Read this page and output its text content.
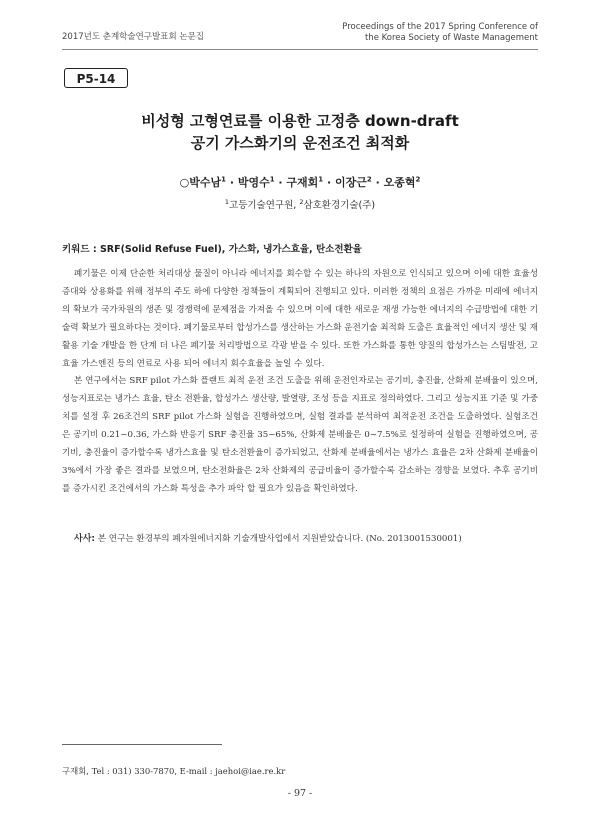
2017년도 춘계학술연구발표회 논문집
Proceedings of the 2017 Spring Conference of
the Korea Society of Waste Management
P5-14
비성형 고형연료를 이용한 고정층 down-draft
공기 가스화기의 운전조건 최적화
○박수남$^1$ · 박영수$^1$ · 구재회$^1$ · 이장근$^2$ · 오종혁$^2$
$^1$고등기술연구원, $^2$삼호환경기술(주)
키워드 : SRF(Solid Refuse Fuel), 가스화, 냉가스효율, 탄소전환율

폐기물은 이제 단순한 처리대상 물질이 아니라 에너지를 회수할 수 있는 하나의 자원으로 인식되고 있으며 이에 대한 효율성 증대와 상용화를 위해 정부의 주도 하에 다양한 정책들이 계획되어 진행되고 있다. 이러한 정책의 요점은 가까운 미래에 에너지의 확보가 국가차원의 생존 및 경쟁력에 문제점을 가져올 수 있으며 이에 대한 새로운 재생 가능한 에너지의 수급방법에 대한 기술력 확보가 필요하다는 것이다. 폐기물로부터 합성가스를 생산하는 가스화 운전기술 최적화 도출은 효율적인 에너지 생산 및 재활용 기술 개발을 한 단계 더 나은 폐기물 처리방법으로 각광 받을 수 있다. 또한 가스화를 통한 양질의 합성가스는 스팀발전, 고효율 가스엔진 등의 연료로 사용 되어 에너지 회수효율을 높일 수 있다.

본 연구에서는 SRF pilot 가스화 플랜트 최적 운전 조건 도출을 위해 운전인자로는 공기비, 충진율, 산화제 분배율이 있으며, 성능지표로는 냉가스 효율, 탄소 전환율, 합성가스 생산량, 발열량, 조성 등을 지표로 정의하였다. 그리고 성능지표 기준 및 가중치를 설정 후 26조건의 SRF pilot 가스화 실험을 진행하였으며, 실험 결과를 분석하여 최적운전 조건을 도출하였다. 실험조건은 공기비 0.21~0.36, 가스화 반응기 SRF 충진율 35~65%, 산화제 분배율은 0~7.5%로 설정하여 실험을 진행하였으며, 공기비, 충진율이 증가할수록 냉가스효율 및 탄소전환율이 증가되었고, 산화제 분배율에서는 냉가스 효율은 2차 산화제 분배율이 3%에서 가장 좋은 결과를 보였으며, 탄소전화율은 2차 산화제의 공급비율이 증가할수록 감소하는 경향을 보였다. 추후 공기비를 증가시킨 조건에서의 가스화 특성을 추가 파악 할 필요가 있음을 확인하였다.

사사: 본 연구는 환경부의 폐자원에너지화 기술개발사업에서 지원받았습니다. (No. 2013001530001)
구재회, Tel : 031) 330-7870, E-mail : jaehoi@iae.re.kr
- 97 -
